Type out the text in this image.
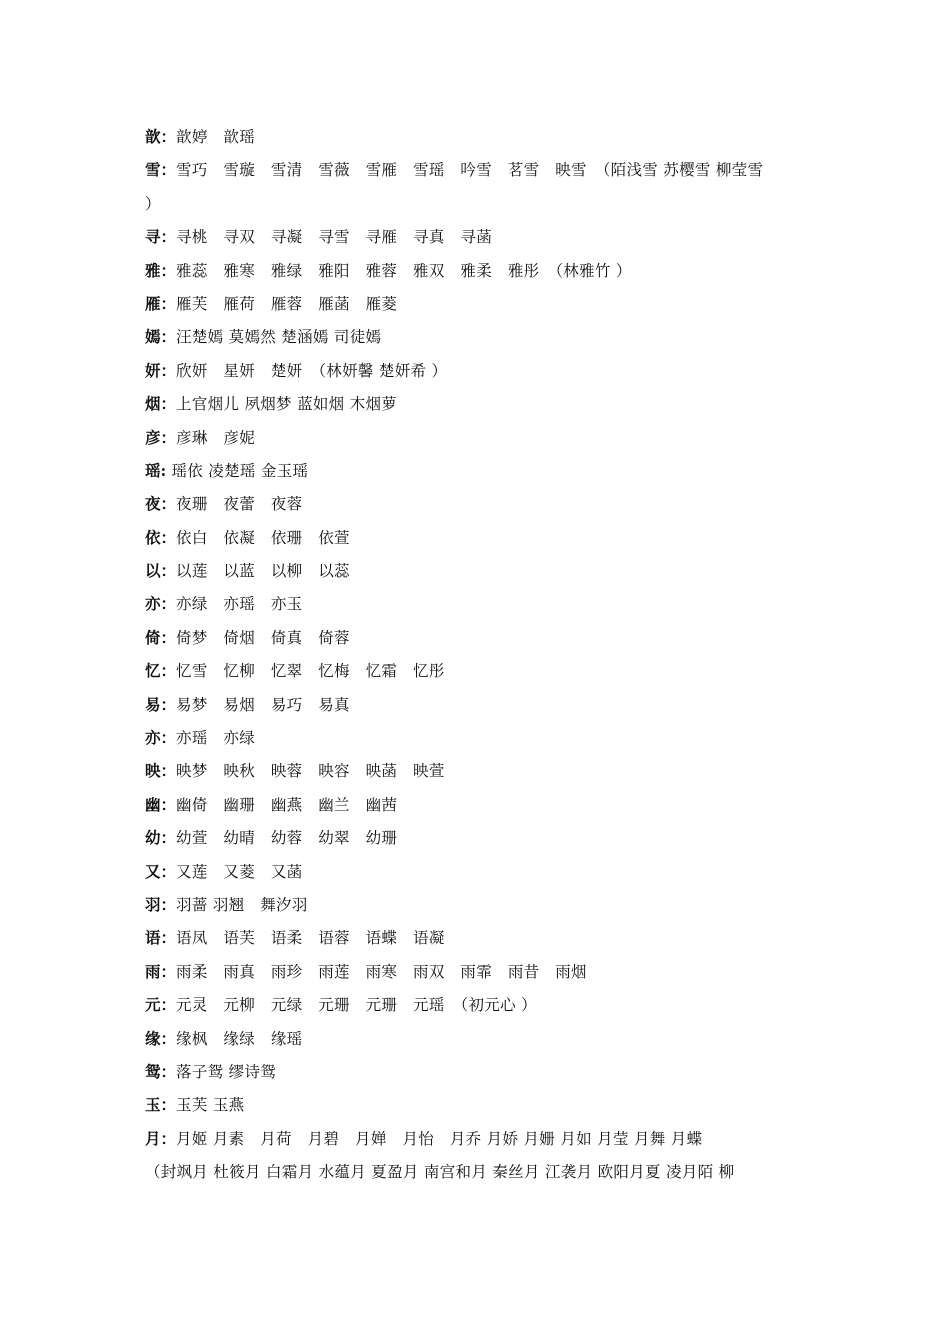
歆：歆婷　歆瑶
雪：雪巧　雪璇　雪清　雪薇　雪雁　雪瑶　吟雪　茗雪　映雪　（陌浅雪 苏樱雪 柳莹雪
）
寻：寻桃　寻双　寻凝　寻雪　寻雁　寻真　寻菡
雅：雅蕊　雅寒　雅绿　雅阳　雅蓉　雅双　雅柔　雅彤　（林雅竹 ）
雁：雁芙　雁荷　雁蓉　雁菡　雁菱
嫣：汪楚嫣 莫嫣然 楚涵嫣 司徒嫣
妍：欣妍　星妍　楚妍　（林妍馨 楚妍希 ）
烟：上官烟儿 夙烟梦 蓝如烟 木烟萝
彦：彦琳　彦妮
瑶: 瑶依 凌楚瑶 金玉瑶
夜：夜珊　夜蕾　夜蓉
依：依白　依凝　依珊　依萱
以：以莲　以蓝　以柳　以蕊
亦：亦绿　亦瑶　亦玉
倚：倚梦　倚烟　倚真　倚蓉
忆：忆雪　忆柳　忆翠　忆梅　忆霜　忆彤
易：易梦　易烟　易巧　易真
亦：亦瑶　亦绿
映：映梦　映秋　映蓉　映容　映菡　映萱
幽：幽倚　幽珊　幽燕　幽兰　幽茜
幼：幼萱　幼晴　幼蓉　幼翠　幼珊
又：又莲　又菱　又菡
羽：羽蔷 羽翘　舞汐羽
语：语凤　语芙　语柔　语蓉　语蝶　语凝
雨：雨柔　雨真　雨珍　雨莲　雨寒　雨双　雨霏　雨昔　雨烟
元：元灵　元柳　元绿　元珊　元珊　元瑶　（初元心 ）
缘：缘枫　缘绿　缘瑶
鸳：落子鸳 缪诗鸳
玉：玉芙 玉燕
月：月姬 月素　月荷　月碧　月婵　月怡　月乔 月娇 月姗 月如 月莹 月舞 月蝶
（封飒月 杜筱月 白霜月 水蕴月 夏盈月 南宫和月 秦丝月 江袭月 欧阳月夏 凌月陌 柳
